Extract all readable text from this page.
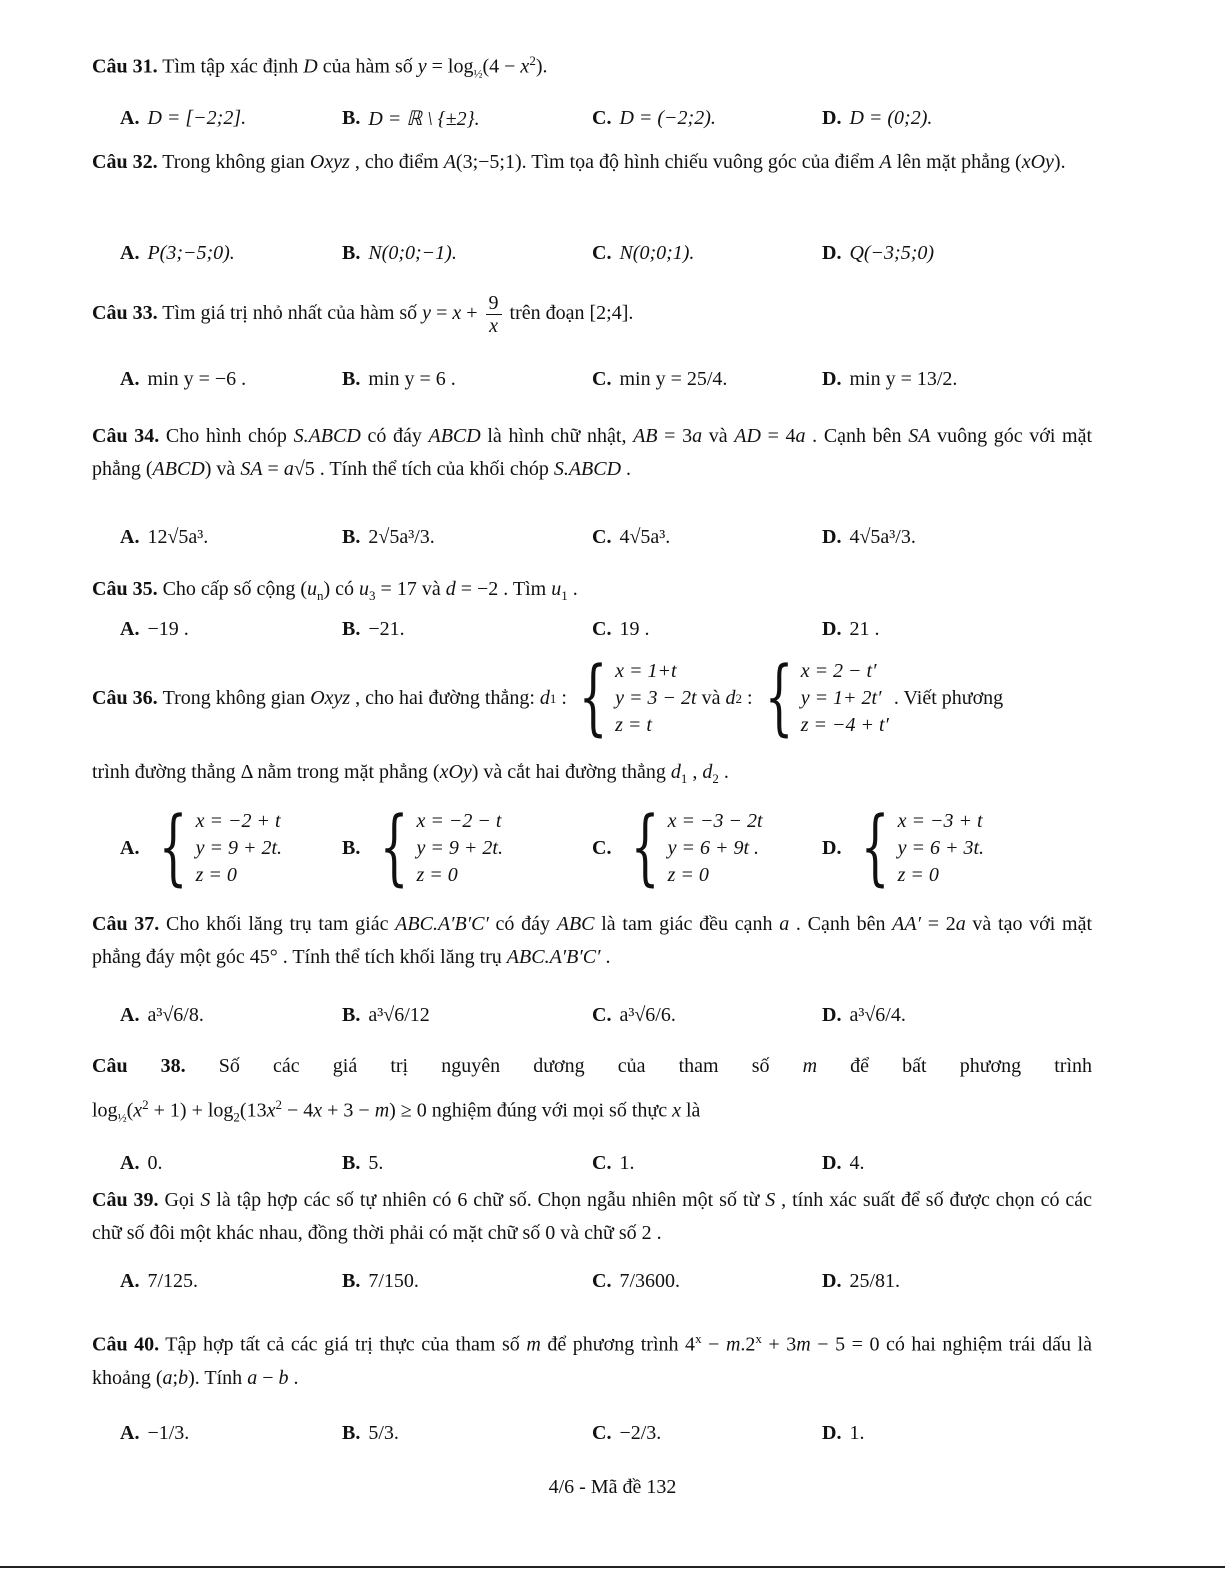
Câu 31. Tìm tập xác định D của hàm số $y = \log_{\frac{1}{2}}(4 - x^2)$.
A. D = [−2;2].	B. D = ℝ \ {±2}.	C. D = (−2;2).	D. D = (0;2).
Câu 32. Trong không gian Oxyz , cho điểm A(3;−5;1). Tìm tọa độ hình chiếu vuông góc của điểm A lên mặt phẳng (xOy).
A. P(3;−5;0).	B. N(0;0;−1).	C. N(0;0;1).	D. Q(−3;5;0)
Câu 33. Tìm giá trị nhỏ nhất của hàm số $y = x + \frac{9}{x}$ trên đoạn [2;4].
A. min y = −6 .	B. min y = 6 .	C. min y = 25/4.	D. min y = 13/2.
Câu 34. Cho hình chóp S.ABCD có đáy ABCD là hình chữ nhật, AB = 3a và AD = 4a . Cạnh bên SA vuông góc với mặt phẳng (ABCD) và SA = a√5 . Tính thể tích của khối chóp S.ABCD .
A. 12√5a³.	B. 2√5a³/3.	C. 4√5a³.	D. 4√5a³/3.
Câu 35. Cho cấp số cộng $(u_n)$ có $u_3 = 17$ và d = −2 . Tìm $u_1$ .
A. −19 .	B. −21.	C. 19 .	D. 21 .
Câu 36. Trong không gian Oxyz , cho hai đường thẳng: d 1 : { x = 1+t
y = 3 − 2t
z = t
và d 2 : { x = 2 − t′
y = 1+ 2t′
z = −4 + t′
. Viết phương
trình đường thẳng Δ nằm trong mặt phẳng (xOy) và cắt hai đường thẳng $d_1$ , $d_2$ .
A. { x = −2 + t
y = 9 + 2t.
z = 0
B. { x = −2 − t
y = 9 + 2t.
z = 0
C. { x = −3 − 2t
y = 6 + 9t .
z = 0
D. { x = −3 + t
y = 6 + 3t.
z = 0
Câu 37. Cho khối lăng trụ tam giác ABC.A′B′C′ có đáy ABC là tam giác đều cạnh a . Cạnh bên AA′ = 2a và tạo với mặt phẳng đáy một góc 45° . Tính thể tích khối lăng trụ ABC.A′B′C′ .
A. a³√6/8.	B. a³√6/12	C. a³√6/6.	D. a³√6/4.
Câu 38. Số các giá trị nguyên dương của tham số m để bất phương trình
$\log_{\frac{1}{2}}(x^2 + 1) + \log_2(13x^2 - 4x + 3 - m) \ge 0$ nghiệm đúng với mọi số thực x là
A. 0.	B. 5.	C. 1.	D. 4.
Câu 39. Gọi S là tập hợp các số tự nhiên có 6 chữ số. Chọn ngẫu nhiên một số từ S , tính xác suất để số được chọn có các chữ số đôi một khác nhau, đồng thời phải có mặt chữ số 0 và chữ số 2 .
A. 7/125.	B. 7/150.	C. 7/3600.	D. 25/81.
Câu 40. Tập hợp tất cả các giá trị thực của tham số m để phương trình $4^x - m.2^x + 3m - 5 = 0$ có hai nghiệm trái dấu là khoảng (a;b). Tính a − b .
A. −1/3.	B. 5/3.	C. −2/3.	D. 1.
4/6 - Mã đề 132
